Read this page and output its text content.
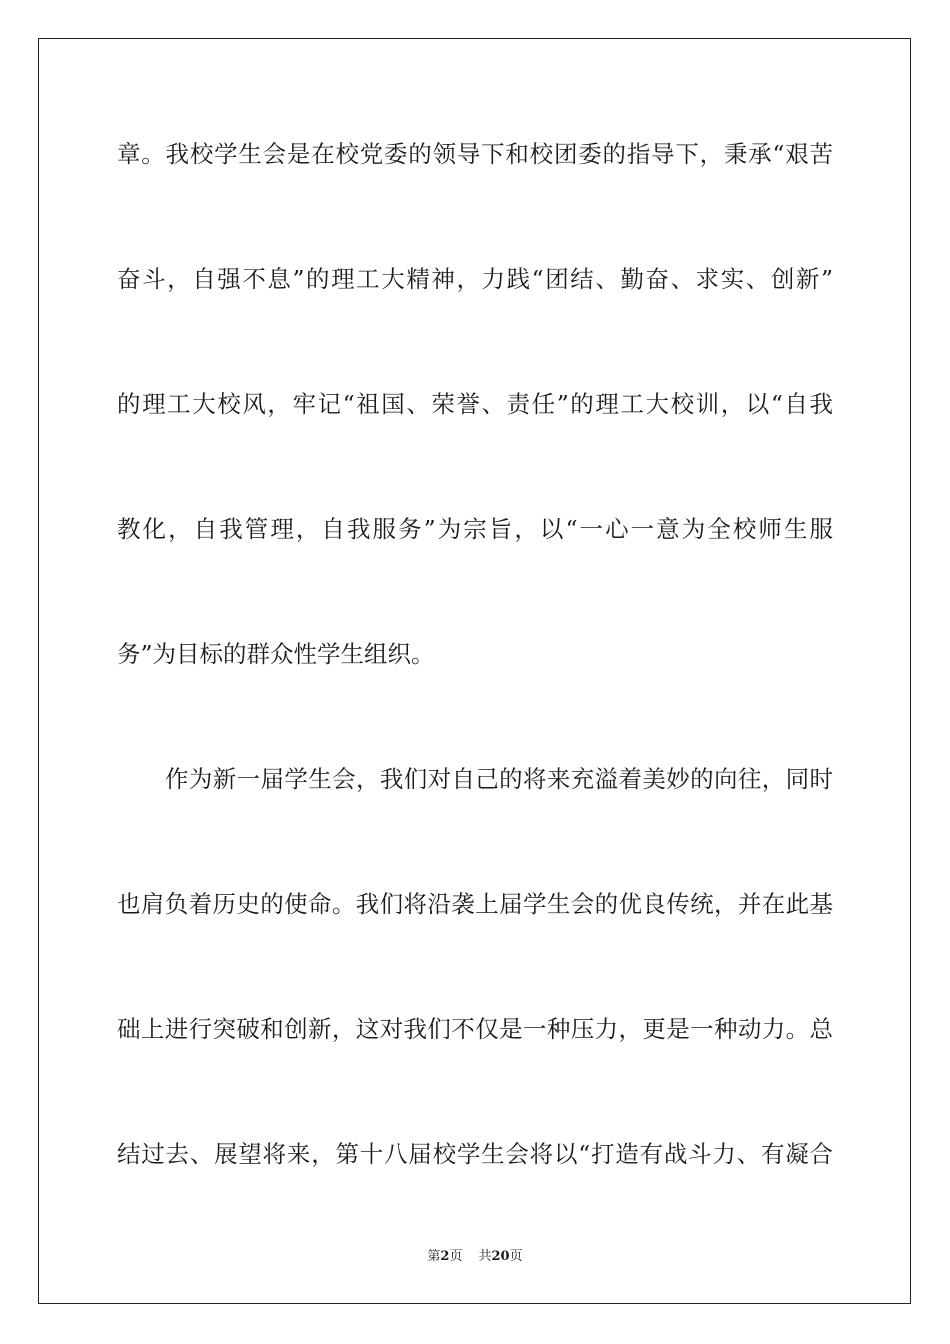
章。我校学生会是在校党委的领导下和校团委的指导下，秉承“艰苦
奋斗，自强不息”的理工大精神，力践“团结、勤奋、求实、创新”
的理工大校风，牢记“祖国、荣誉、责任”的理工大校训，以“自我
教化，自我管理，自我服务”为宗旨，以“一心一意为全校师生服
务”为目标的群众性学生组织。
作为新一届学生会，我们对自己的将来充溢着美妙的向往，同时
也肩负着历史的使命。我们将沿袭上届学生会的优良传统，并在此基
础上进行突破和创新，这对我们不仅是一种压力，更是一种动力。总
结过去、展望将来，第十八届校学生会将以“打造有战斗力、有凝合
第2页 共20页
